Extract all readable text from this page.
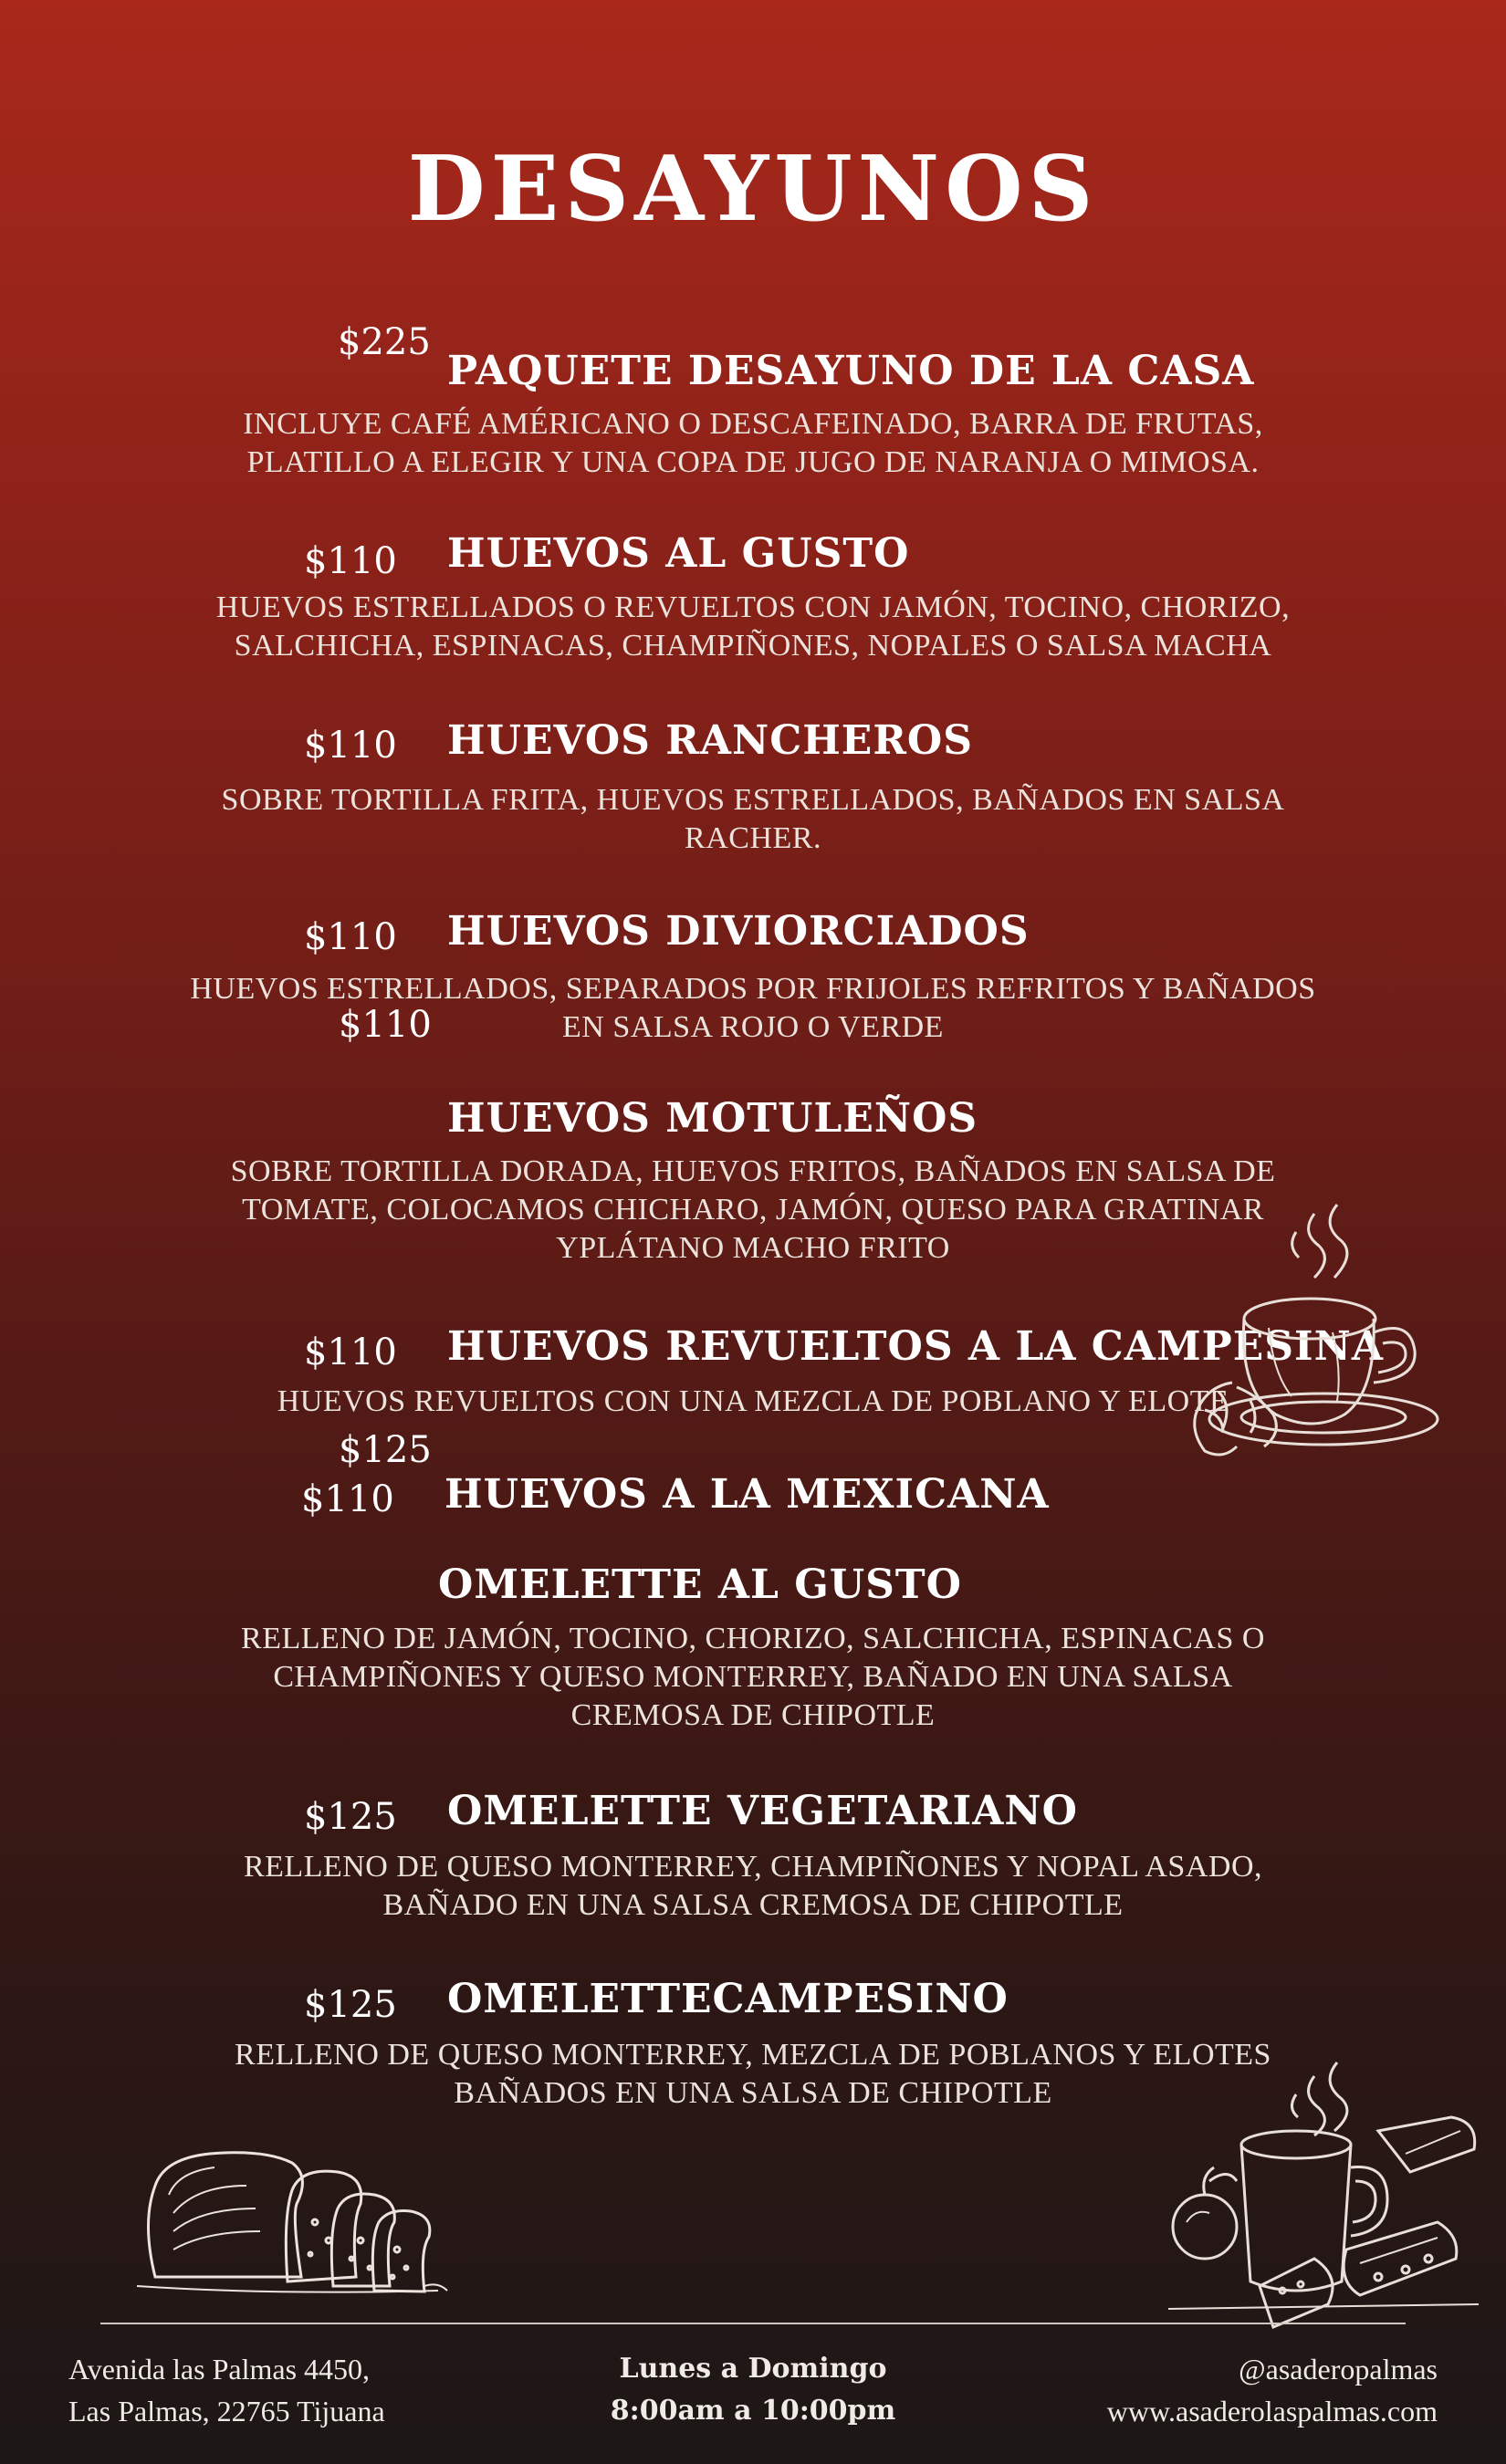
DESAYUNOS
$225
PAQUETE DESAYUNO DE LA CASA
INCLUYE CAFÉ AMÉRICANO O DESCAFEINADO, BARRA DE FRUTAS, PLATILLO A ELEGIR Y UNA COPA DE JUGO DE NARANJA O MIMOSA.
$110 HUEVOS AL GUSTO
HUEVOS ESTRELLADOS O REVUELTOS CON JAMÓN, TOCINO, CHORIZO, SALCHICHA, ESPINACAS, CHAMPIÑONES, NOPALES O SALSA MACHA
$110 HUEVOS RANCHEROS
SOBRE TORTILLA FRITA, HUEVOS ESTRELLADOS, BAÑADOS EN SALSA RACHER.
$110 HUEVOS DIVIORCIADOS
HUEVOS ESTRELLADOS, SEPARADOS POR FRIJOLES REFRITOS Y BAÑADOS EN SALSA ROJO O VERDE
$110
HUEVOS MOTULEÑOS
SOBRE TORTILLA DORADA, HUEVOS FRITOS, BAÑADOS EN SALSA DE TOMATE, COLOCAMOS CHICHARO, JAMÓN, QUESO PARA GRATINAR YPLÁTANO MACHO FRITO
$110 HUEVOS REVUELTOS A LA CAMPESINA
HUEVOS REVUELTOS CON UNA MEZCLA DE POBLANO Y ELOTE
$110 HUEVOS A LA MEXICANA
$125
OMELETTE AL GUSTO
RELLENO DE JAMÓN, TOCINO, CHORIZO, SALCHICHA, ESPINACAS O CHAMPIÑONES Y QUESO MONTERREY, BAÑADO EN UNA SALSA CREMOSA DE CHIPOTLE
$125 OMELETTE VEGETARIANO
RELLENO DE QUESO MONTERREY, CHAMPIÑONES Y NOPAL ASADO, BAÑADO EN UNA SALSA CREMOSA DE CHIPOTLE
$125 OMELETTECAMPESINO
RELLENO DE QUESO MONTERREY, MEZCLA DE POBLANOS Y ELOTES BAÑADOS EN UNA SALSA DE CHIPOTLE
Avenida las Palmas 4450,
Las Palmas, 22765 Tijuana
Lunes a Domingo
8:00am a 10:00pm
@asaderopalmas
www.asaderolaspalmas.com
